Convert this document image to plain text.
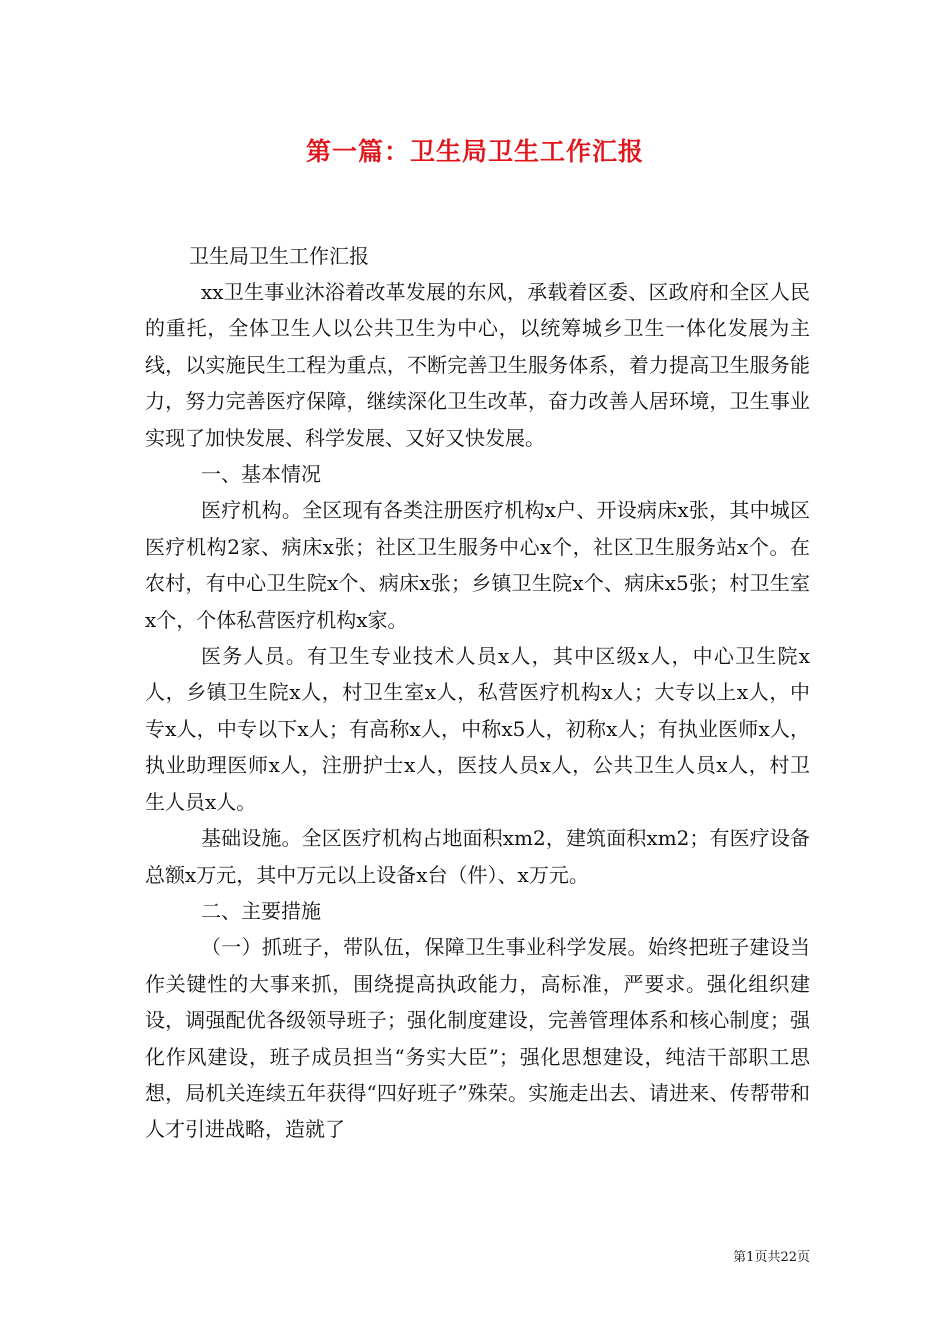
第一篇：卫生局卫生工作汇报

卫生局卫生工作汇报

xx卫生事业沐浴着改革发展的东风，承载着区委、区政府和全区人民的重托，全体卫生人以公共卫生为中心，以统筹城乡卫生一体化发展为主线，以实施民生工程为重点，不断完善卫生服务体系，着力提高卫生服务能力，努力完善医疗保障，继续深化卫生改革，奋力改善人居环境，卫生事业实现了加快发展、科学发展、又好又快发展。

一、基本情况

医疗机构。全区现有各类注册医疗机构x户、开设病床x张，其中城区医疗机构2家、病床x张；社区卫生服务中心x个，社区卫生服务站x个。在农村，有中心卫生院x个、病床x张；乡镇卫生院x个、病床x5张；村卫生室x个，个体私营医疗机构x家。

医务人员。有卫生专业技术人员x人，其中区级x人，中心卫生院x人，乡镇卫生院x人，村卫生室x人，私营医疗机构x人；大专以上x人，中专x人，中专以下x人；有高称x人，中称x5人，初称x人；有执业医师x人，执业助理医师x人，注册护士x人，医技人员x人，公共卫生人员x人，村卫生人员x人。

基础设施。全区医疗机构占地面积xm2，建筑面积xm2；有医疗设备总额x万元，其中万元以上设备x台（件）、x万元。

二、主要措施

（一）抓班子，带队伍，保障卫生事业科学发展。始终把班子建设当作关键性的大事来抓，围绕提高执政能力，高标准，严要求。强化组织建设，调强配优各级领导班子；强化制度建设，完善管理体系和核心制度；强化作风建设，班子成员担当“务实大臣”；强化思想建设，纯洁干部职工思想，局机关连续五年获得“四好班子”殊荣。实施走出去、请进来、传帮带和人才引进战略，造就了

第1页共22页
